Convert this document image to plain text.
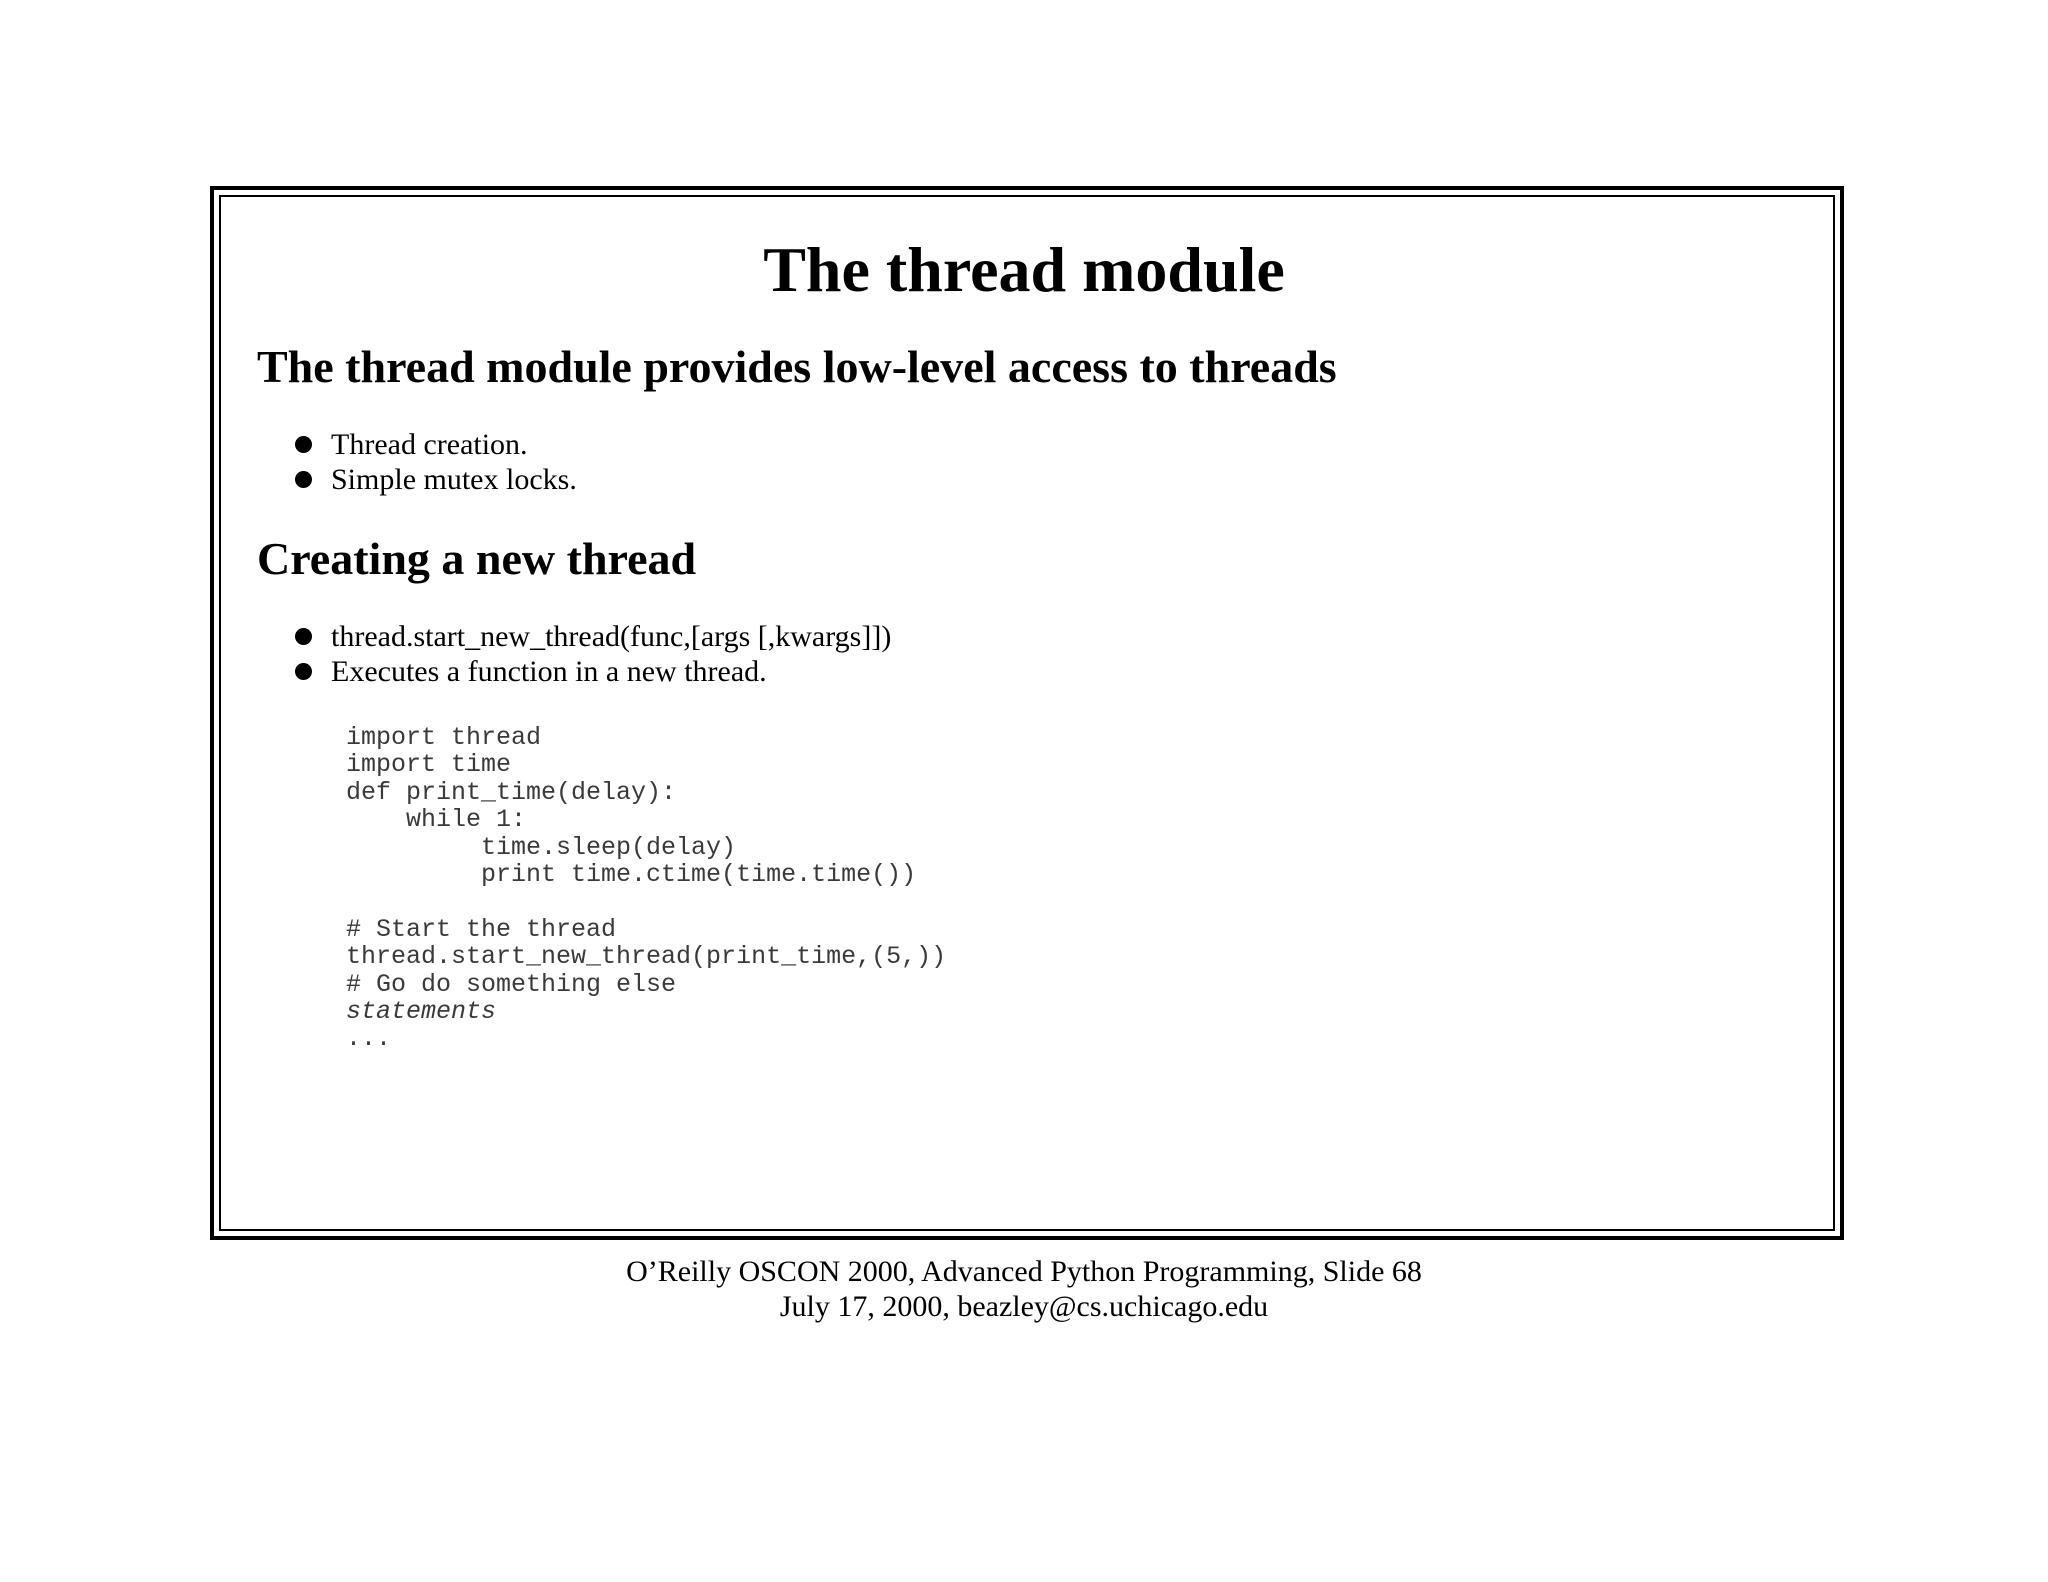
The thread module
The thread module provides low-level access to threads
Thread creation.
Simple mutex locks.
Creating a new thread
thread.start_new_thread(func,[args [,kwargs]])
Executes a function in a new thread.
import thread
import time
def print_time(delay):
while 1:
time.sleep(delay)
print time.ctime(time.time())
# Start the thread
thread.start_new_thread(print_time,(5,))
# Go do something else
statements
...
O’Reilly OSCON 2000, Advanced Python Programming, Slide 68
July 17, 2000, beazley@cs.uchicago.edu
